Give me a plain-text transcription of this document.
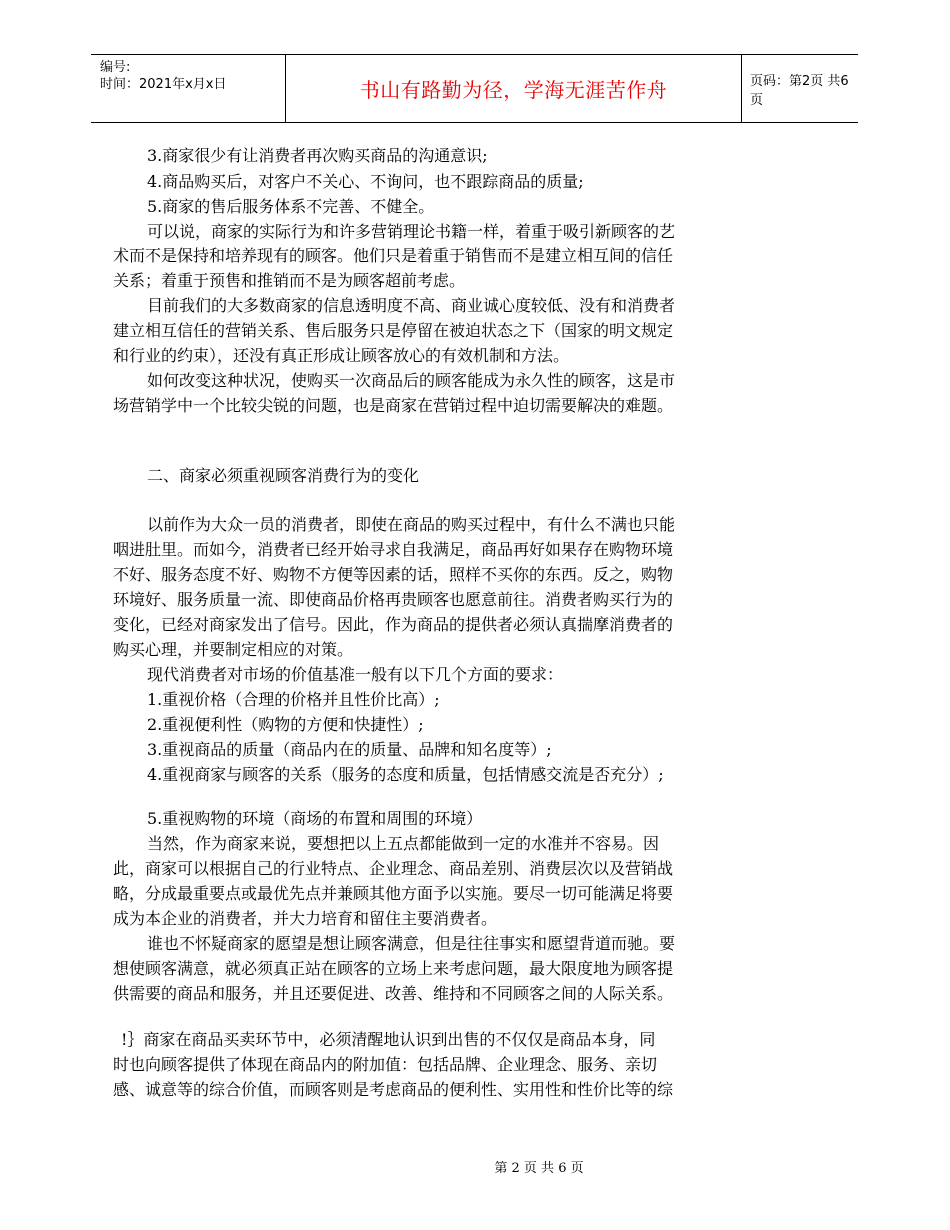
编号:
时间：2021年x月x日	书山有路勤为径，学海无涯苦作舟	页码：第2页 共6页
3.商家很少有让消费者再次购买商品的沟通意识;
4.商品购买后，对客户不关心、不询问，也不跟踪商品的质量;
5.商家的售后服务体系不完善、不健全。
可以说，商家的实际行为和许多营销理论书籍一样，着重于吸引新顾客的艺
术而不是保持和培养现有的顾客。他们只是着重于销售而不是建立相互间的信任
关系；着重于预售和推销而不是为顾客超前考虑。
目前我们的大多数商家的信息透明度不高、商业诚心度较低、没有和消费者
建立相互信任的营销关系、售后服务只是停留在被迫状态之下（国家的明文规定
和行业的约束），还没有真正形成让顾客放心的有效机制和方法。
如何改变这种状况，使购买一次商品后的顾客能成为永久性的顾客，这是市
场营销学中一个比较尖锐的问题，也是商家在营销过程中迫切需要解决的难题。
二、商家必须重视顾客消费行为的变化
以前作为大众一员的消费者，即使在商品的购买过程中，有什么不满也只能
咽进肚里。而如今，消费者已经开始寻求自我满足，商品再好如果存在购物环境
不好、服务态度不好、购物不方便等因素的话，照样不买你的东西。反之，购物
环境好、服务质量一流、即使商品价格再贵顾客也愿意前往。消费者购买行为的
变化，已经对商家发出了信号。因此，作为商品的提供者必须认真揣摩消费者的
购买心理，并要制定相应的对策。
现代消费者对市场的价值基准一般有以下几个方面的要求：
1.重视价格（合理的价格并且性价比高）;
2.重视便利性（购物的方便和快捷性）;
3.重视商品的质量（商品内在的质量、品牌和知名度等）;
4.重视商家与顾客的关系（服务的态度和质量，包括情感交流是否充分）;
5.重视购物的环境（商场的布置和周围的环境）
当然，作为商家来说，要想把以上五点都能做到一定的水准并不容易。因
此，商家可以根据自己的行业特点、企业理念、商品差别、消费层次以及营销战
略，分成最重要点或最优先点并兼顾其他方面予以实施。要尽一切可能满足将要
成为本企业的消费者，并大力培育和留住主要消费者。
谁也不怀疑商家的愿望是想让顾客满意，但是往往事实和愿望背道而驰。要
想使顾客满意，就必须真正站在顾客的立场上来考虑问题，最大限度地为顾客提
供需要的商品和服务，并且还要促进、改善、维持和不同顾客之间的人际关系。
!｝商家在商品买卖环节中，必须清醒地认识到出售的不仅仅是商品本身，同
时也向顾客提供了体现在商品内的附加值：包括品牌、企业理念、服务、亲切
感、诚意等的综合价值，而顾客则是考虑商品的便利性、实用性和性价比等的综
第 2 页 共 6 页
